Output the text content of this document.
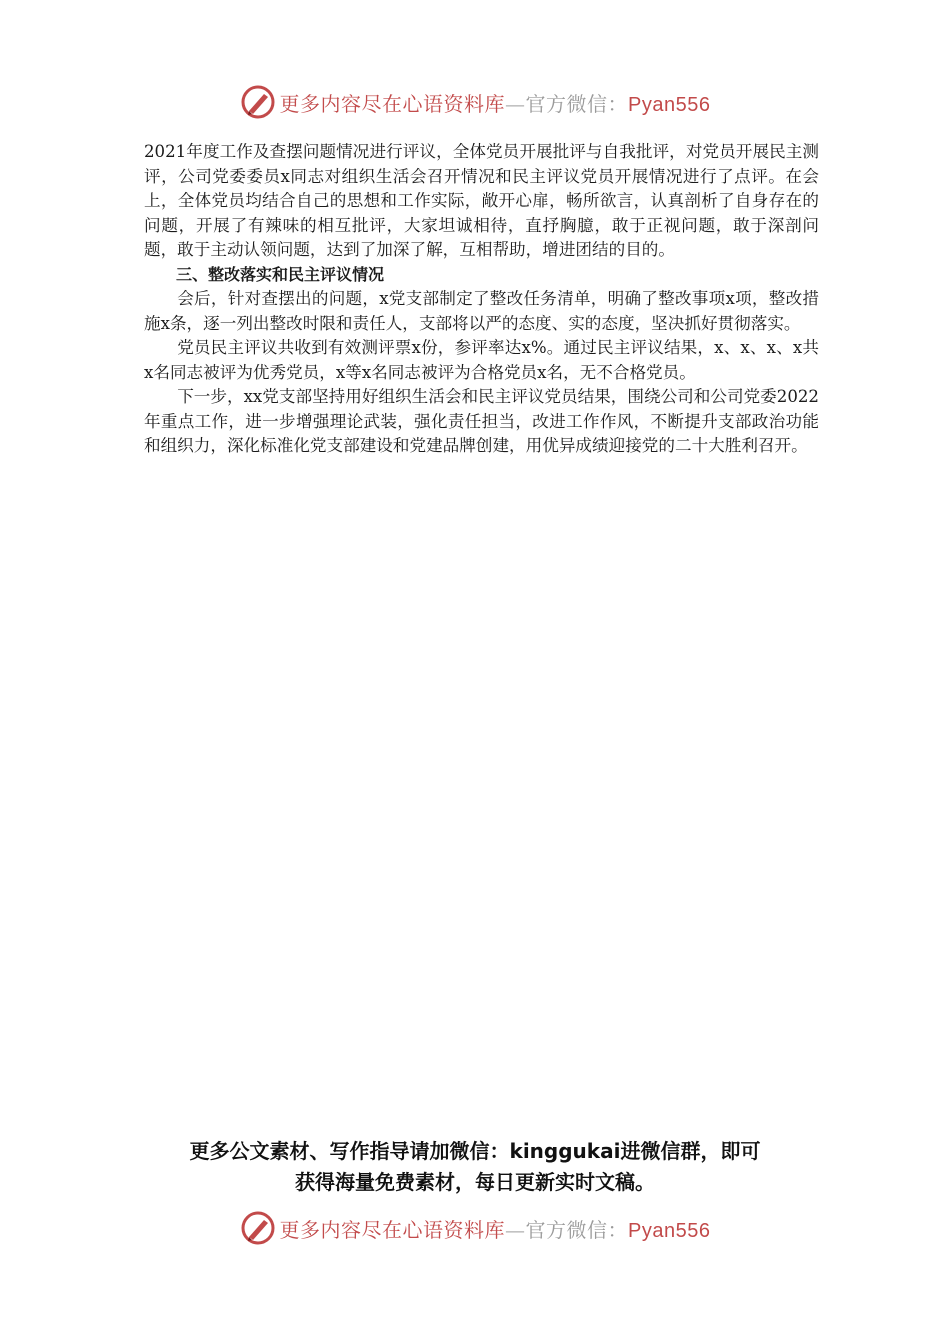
更多内容尽在心语资料库—官方微信：Pyan556

2021年度工作及查摆问题情况进行评议，全体党员开展批评与自我批评，对党员开展民主测评，公司党委委员x同志对组织生活会召开情况和民主评议党员开展情况进行了点评。在会上，全体党员均结合自己的思想和工作实际，敞开心扉，畅所欲言，认真剖析了自身存在的问题，开展了有辣味的相互批评，大家坦诚相待，直抒胸臆，敢于正视问题，敢于深剖问题，敢于主动认领问题，达到了加深了解，互相帮助，增进团结的目的。

三、整改落实和民主评议情况

会后，针对查摆出的问题，x党支部制定了整改任务清单，明确了整改事项x项，整改措施x条，逐一列出整改时限和责任人，支部将以严的态度、实的态度，坚决抓好贯彻落实。

党员民主评议共收到有效测评票x份，参评率达x%。通过民主评议结果，x、x、x、x共x名同志被评为优秀党员，x等x名同志被评为合格党员x名，无不合格党员。

下一步，xx党支部坚持用好组织生活会和民主评议党员结果，围绕公司和公司党委2022年重点工作，进一步增强理论武装，强化责任担当，改进工作作风，不断提升支部政治功能和组织力，深化标准化党支部建设和党建品牌创建，用优异成绩迎接党的二十大胜利召开。

更多公文素材、写作指导请加微信：kinggukai进微信群，即可
获得海量免费素材，每日更新实时文稿。
更多内容尽在心语资料库—官方微信：Pyan556
